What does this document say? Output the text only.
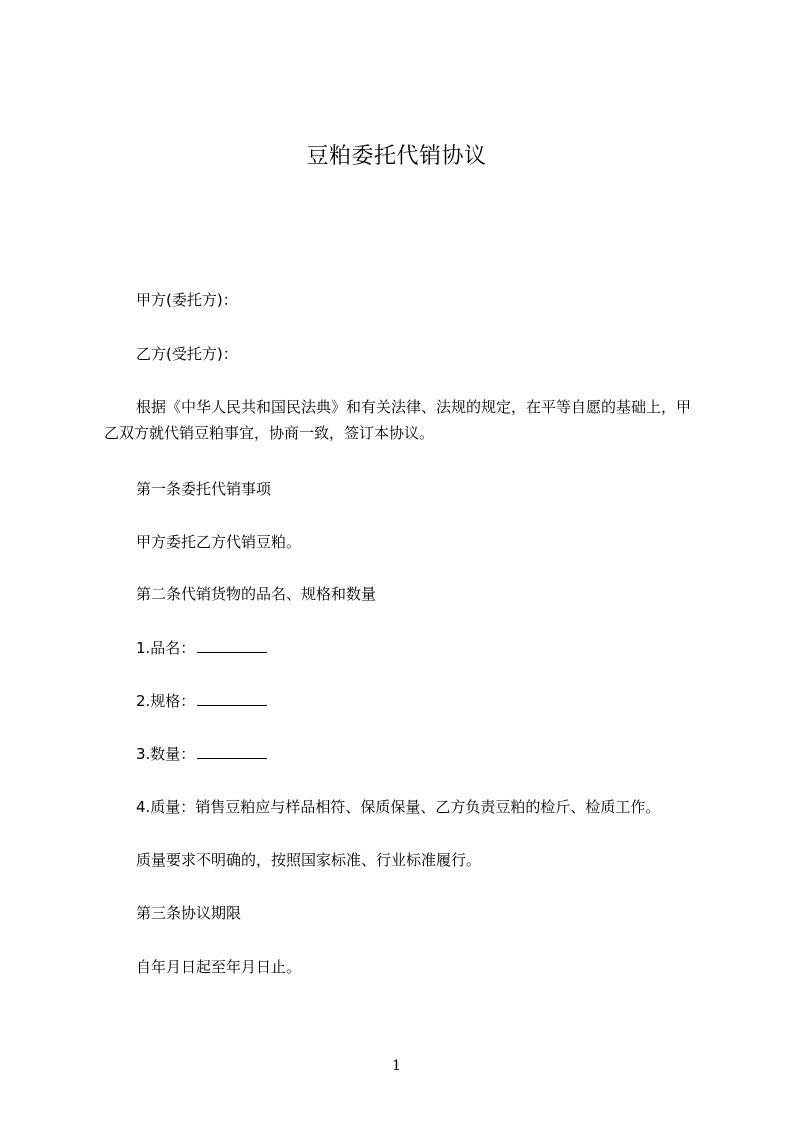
豆粕委托代销协议
甲方(委托方)：
乙方(受托方)：
根据《中华人民共和国民法典》和有关法律、法规的规定，在平等自愿的基础上，甲乙双方就代销豆粕事宜，协商一致，签订本协议。
第一条委托代销事项
甲方委托乙方代销豆粕。
第二条代销货物的品名、规格和数量
1.品名：
2.规格：
3.数量：
4.质量：销售豆粕应与样品相符、保质保量、乙方负责豆粕的检斤、检质工作。
质量要求不明确的，按照国家标准、行业标准履行。
第三条协议期限
自年月日起至年月日止。
1
